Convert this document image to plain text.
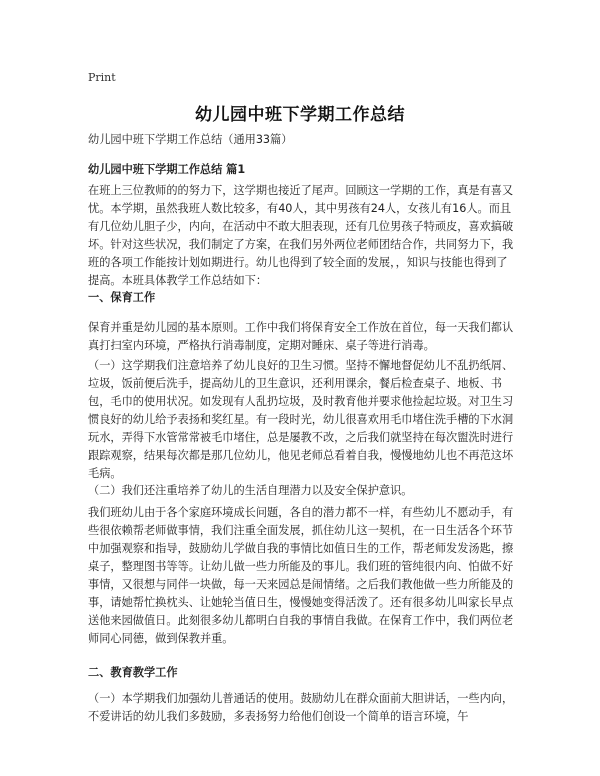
Print
幼儿园中班下学期工作总结
幼儿园中班下学期工作总结（通用33篇）
幼儿园中班下学期工作总结 篇1

在班上三位教师的的努力下，这学期也接近了尾声。回顾这一学期的工作，真是有喜又忧。本学期，虽然我班人数比较多，有40人，其中男孩有24人，女孩儿有16人。而且有几位幼儿胆子少，内向，在活动中不敢大胆表现，还有几位男孩子特顽皮，喜欢搞破坏。针对这些状况，我们制定了方案，在我们另外两位老师团结合作，共同努力下，我班的各项工作能按计划如期进行。幼儿也得到了较全面的发展，，知识与技能也得到了提高。本班具体教学工作总结如下：

一、保育工作

保育并重是幼儿园的基本原则。工作中我们将保育安全工作放在首位，每一天我们都认真打扫室内环境，严格执行消毒制度，定期对睡床、桌子等进行消毒。

（一）这学期我们注意培养了幼儿良好的卫生习惯。坚持不懈地督促幼儿不乱扔纸屑、垃圾，饭前便后洗手，提高幼儿的卫生意识，还利用课余，餐后检查桌子、地板、书包，毛巾的使用状况。如发现有人乱扔垃圾，及时教育他并要求他捡起垃圾。对卫生习惯良好的幼儿给予表扬和奖红星。有一段时光，幼儿很喜欢用毛巾堵住洗手槽的下水洞玩水，弄得下水管常常被毛巾堵住，总是屡教不改，之后我们就坚持在每次盥洗时进行跟踪观察，结果每次都是那几位幼儿，他见老师总看着自我，慢慢地幼儿也不再范这坏毛病。

（二）我们还注重培养了幼儿的生活自理潜力以及安全保护意识。

我们班幼儿由于各个家庭环境成长问题，各自的潜力都不一样，有些幼儿不愿动手，有些很依赖帮老师做事情，我们注重全面发展，抓住幼儿这一契机，在一日生活各个环节中加强观察和指导，鼓励幼儿学做自我的事情比如值日生的工作，帮老师发发汤匙，擦桌子，整理图书等等。让幼儿做一些力所能及的事儿。我们班的管纯很内向、怕做不好事情，又很想与同伴一块做，每一天来园总是闹情绪。之后我们教他做一些力所能及的事，请她帮忙换枕头、让她轮当值日生，慢慢她变得活泼了。还有很多幼儿叫家长早点送他来园做值日。此刻很多幼儿都明白自我的事情自我做。在保育工作中，我们两位老师同心同德，做到保教并重。

二、教育教学工作

（一）本学期我们加强幼儿普通话的使用。鼓励幼儿在群众面前大胆讲话，一些内向，不爱讲话的幼儿我们多鼓励，多表扬努力给他们创设一个简单的语言环境，午
